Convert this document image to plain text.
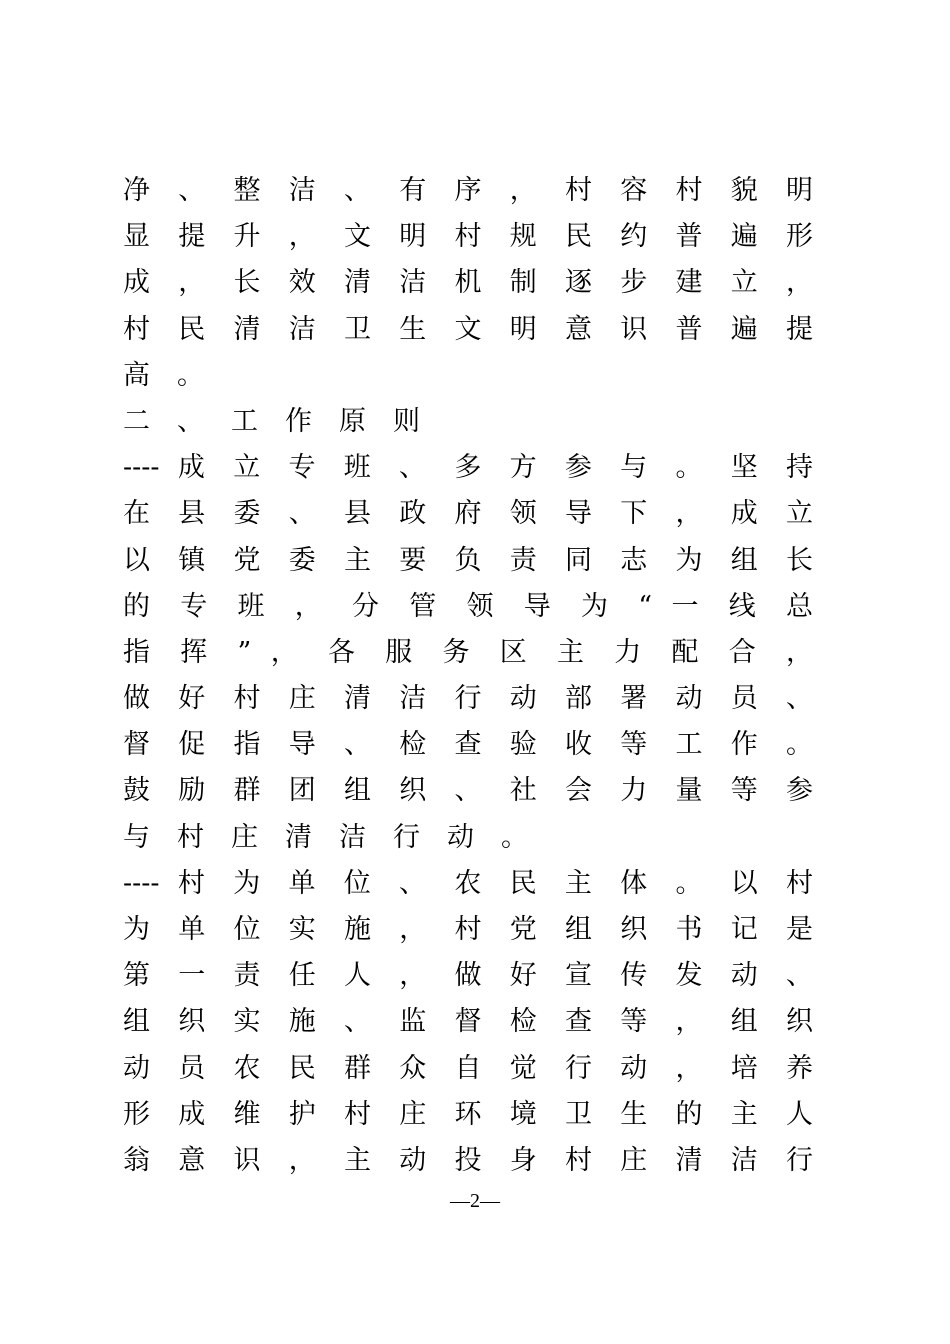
净 、 整 洁 、 有 序 ， 村 容 村 貌 明
显 提 升 ， 文 明 村 规 民 约 普 遍 形
成 ， 长 效 清 洁 机 制 逐 步 建 立 ，
村 民 清 洁 卫 生 文 明 意 识 普 遍 提
高。
二、工作原则
---- 成 立 专 班 、 多 方 参 与 。 坚 持
在 县 委 、 县 政 府 领 导 下 ， 成 立
以 镇 党 委 主 要 负 责 同 志 为 组 长
的 专 班 ， 分 管 领 导 为 “ 一 线 总
指 挥 ” ， 各 服 务 区 主 力 配 合 ，
做 好 村 庄 清 洁 行 动 部 署 动 员 、
督 促 指 导 、 检 查 验 收 等 工 作 。
鼓 励 群 团 组 织 、 社 会 力 量 等 参
与村庄清洁行动。
---- 村 为 单 位 、 农 民 主 体 。 以 村
为 单 位 实 施 ， 村 党 组 织 书 记 是
第 一 责 任 人 ， 做 好 宣 传 发 动 、
组 织 实 施 、 监 督 检 查 等 ， 组 织
动 员 农 民 群 众 自 觉 行 动 ， 培 养
形 成 维 护 村 庄 环 境 卫 生 的 主 人
翁 意 识 ， 主 动 投 身 村 庄 清 洁 行
—2—
